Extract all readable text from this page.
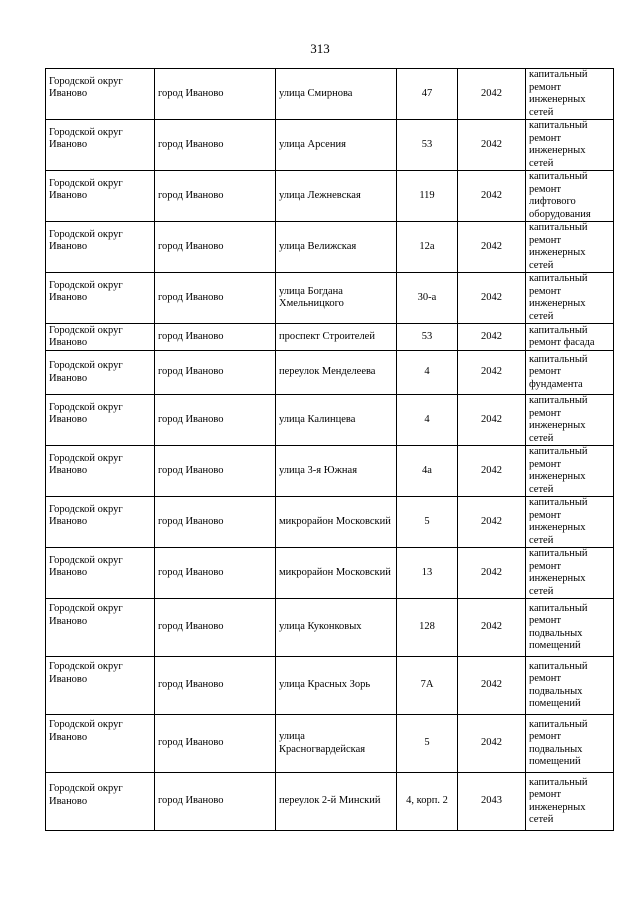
313
Городской округ Иваново	город Иваново	улица Смирнова	47	2042	капитальный ремонт инженерных сетей

Городской округ Иваново	город Иваново	улица Арсения	53	2042	капитальный ремонт инженерных сетей

Городской округ Иваново	город Иваново	улица Лежневская	119	2042	капитальный ремонт лифтового оборудования

Городской округ Иваново	город Иваново	улица Велижская	12а	2042	капитальный ремонт инженерных сетей

Городской округ Иваново	город Иваново	улица Богдана Хмельницкого	30-а	2042	капитальный ремонт инженерных сетей

Городской округ Иваново	город Иваново	проспект Строителей	53	2042	капитальный ремонт фасада

Городской округ Иваново	город Иваново	переулок Менделеева	4	2042	капитальный ремонт фундамента

Городской округ Иваново	город Иваново	улица Калинцева	4	2042	капитальный ремонт инженерных сетей

Городской округ Иваново	город Иваново	улица 3-я Южная	4а	2042	капитальный ремонт инженерных сетей

Городской округ Иваново	город Иваново	микрорайон Московский	5	2042	капитальный ремонт инженерных сетей

Городской округ Иваново	город Иваново	микрорайон Московский	13	2042	капитальный ремонт инженерных сетей

Городской округ Иваново	город Иваново	улица Куконковых	128	2042	капитальный ремонт подвальных помещений

Городской округ Иваново	город Иваново	улица Красных Зорь	7А	2042	капитальный ремонт подвальных помещений

Городской округ Иваново	город Иваново	улица Красногвардейская	5	2042	капитальный ремонт подвальных помещений

Городской округ Иваново	город Иваново	переулок 2-й Минский	4, корп. 2	2043	капитальный ремонт инженерных сетей
